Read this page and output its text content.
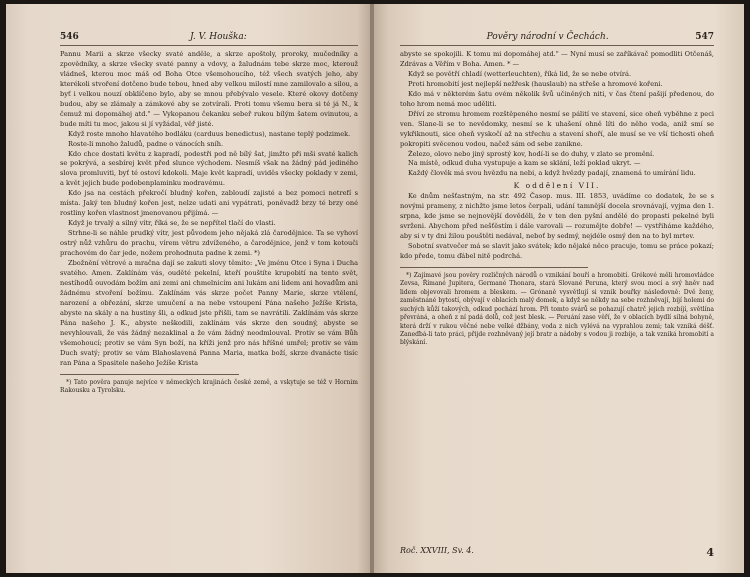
546	J. V. Houška:

Pannu Marii a skrze všecky svaté anděle, a skrze apoštoly, proroky, mučedníky a zpovědníky, a skrze všecky svaté panny a vdovy, a žaludnám tebe skrze moc, kterouž vládneš, kterou moc máš od Boha Otce všemohoucího, též všech svatých jeho, aby kterékoli stvoření dotčeno bude tebou, hned aby velkou milostí mne zamilovalo a silou, a byť i velkou nouzí obklíčeno bylo, aby se mnou přebývalo vesele. Které okovy dotčeny budou, aby se zlámaly a zámkové aby se zotvírali. Proti tomu všemu bera si té já N., k čemuž mi dopomáhej atd." — Vykopanou čekanku sebeř rukou bílým šatem ovinutou, a bude míti tu moc, jakou si jí vyžádal, věř jisté.

Když roste mnoho hlavatého bodláku (carduus benedictus), nastane teplý podzimek.

Roste-li mnoho žaludů, padne o vánocích sníh.

Kdo chce dostati květu z kapradí, podestři pod ně bílý šat, jimžto při mši svaté kalich se pokrývá, a sesbírej květ před slunce východem. Nesmíš však na žádný pád jediného slova promluviti, byť té ostoví kdokoli. Maje květ kapradí, uviděs všecky poklady v zemi, a květ jejich bude podobenplaminku modravému.

Kdo jsa na cestách překročí bludný kořen, zabloudí zajisté a bez pomoci netrefí s místa. Jaký ten bludný kořen jest, nelze udati ani vypátrati, poněvadž brzy té brzy oné rostliny kořen vlastnost jmenovanou přijímá. —

Když je trvalý a silný vítr, říká se, že se nepřítel tlačí do vlasti.

Strhne-li se náhle prudký vítr, jest původem jeho nějaká zlá čarodějnice. Ta se vyhoví ostrý nůž vzhůru do prachu, vírem větru zdvíženého, a čarodějnice, jenž v tom kotouči prachovém do čar jede, nožem prohodnuta padne k zemi. *)

Zbožnění větrové a mračna dají se zakuti slovy těmito: „Ve jménu Otce i Syna i Ducha svatého. Amen. Zaklínám vás, ouděté pekelní, kteří pouštíte krupobití na tento svět, nestíhodů ouvodám božím ani zemi ani chmelnicím ani lukám ani lidem ani hovadům ani žádnému stvoření božímu. Zaklínám vás skrze počet Panny Marie, skrze vtělení, narození a obřezání, skrze umučení a na nebe vstoupení Pána našeho Ježíše Krista, abyste na skály a na hustiny šli, a odkud jste přišli, tam se navrátili. Zaklínám vás skrze Pána našeho J. K., abyste neškodili, zaklínám vás skrze den soudný, abyste se nevyhlouvali, že vás žádný nezaklinal a že vám žádný neodmlouval. Protiv se vám Bůh všemohoucí; protiv se vám Syn boží, na kříži jenž pro nás hříšné umřel; protiv se vám Duch svatý; protiv se vám Blahoslavená Panna Maria, matka boží, skrze dvanácte tisíc ran Pána a Spasitele našeho Ježíše Krista

*) Tato pověra panuje nejvíce v německých krajinách české země, a vskytuje se též v Hornim Rakousku a Tyrolsku.

Pověry národní v Čechách.	547

abyste se spokojili. K tomu mi dopomáhej atd." — Nyní musí se zaříkávač pomodliti Otčenáš, Zdrávas a Věřím v Boha. Amen. * —

Když se povětří chladí (wetterleuchten), říká lid, že se nebe otvírá.

Proti hromobití jest nejlepší nežřesk (hauslaub) na střeše a hromové kořeni.

Kdo má v některém šatu ovém několik švů učiněných niti, v čas čtení pašijí předenou, do toho hrom nemá moc uděliti.

Dříví ze stromu hromem rozštěpeného nesmí se pálití ve stavení, sice oheň vyběhne z peci ven. Slane-li se to nevědomky, nesmí se k uhašení ohně líti do něho voda, aniž smí se vykřiknouti, sice oheň vyskočí až na střechu a stavení shoří, ale musí se ve vší tichosti oheň pokropiti svěcenou vodou, načež sám od sebe zanikne.

Železo, olovo nebo jiný sprostý kov, hodí-li se do duhy, v zlato se promění.

Na místě, odkud duha vystupuje a kam se sklání, leží poklad ukryt. —

Každý člověk má svou hvězdu na nebi, a když hvězdy padají, znamená to umírání lidu.

K oddělení VII.

Ke dnům nešťastným, na str. 492 Časop. mus. III. 1853, uvádíme co dodatek, že se s novými prameny, z nichžto jsme letos čerpali, udání tamnější docela srovnávají, vyjma den 1. srpna, kde jsme se nejnovější dověděli, že v ten den pyšní andělé do propasti pekelné byli svrženi. Abychom před nešťěstím i dále varovali — rozumějte dobře! — vystřiháme každého, aby si v ty dni žilou pouštěti nedával, neboť by sedmý, nejdéle osmý den na to byl mrtev.

Sobotní svatvečer má se slavit jako svátek; kdo nějaké něco pracuje, tomu se práce pokazí; kdo přede, tomu ďábel nitě podrchá.

*) Zajímavé jsou pověry rozličných národů o vznikání bouří a hromobití. Grékové měli hromovládce Zevsa, Římané Jupitera, Germané Thonara, stará Slované Peruna, který svou mocí a svý hněv nad lidem objevovali hromem a bleskem. — Grónaně vysvětlují si vznik bouřky následovně: Dvě ženy, zaměstnáné bytostí, obývají v oblacích malý domek, a když se někdy na sebe rozhněvají, bijí holemi do suchých kůží takových, odkud pochází hrom. Při tomto svárů se pohazují chatrč jejich rozbíjí, světlína převráná, a oheň z ní padá dolů, což jest blesk. — Peruání zase věří, že v oblacích bydlí silná bohyně, která drží v rukou věčné nebe velké džbány, voda z nich vylévá na vyprahlou zemi; tak vzniká déšť. Zaneďbá-li tato práci, přijde rozhněvaný její bratr a nádoby s vodou ji rozbije, a tak vzniká hromobití a blýskání.

Roč. XXVIII, Sv. 4.	4
